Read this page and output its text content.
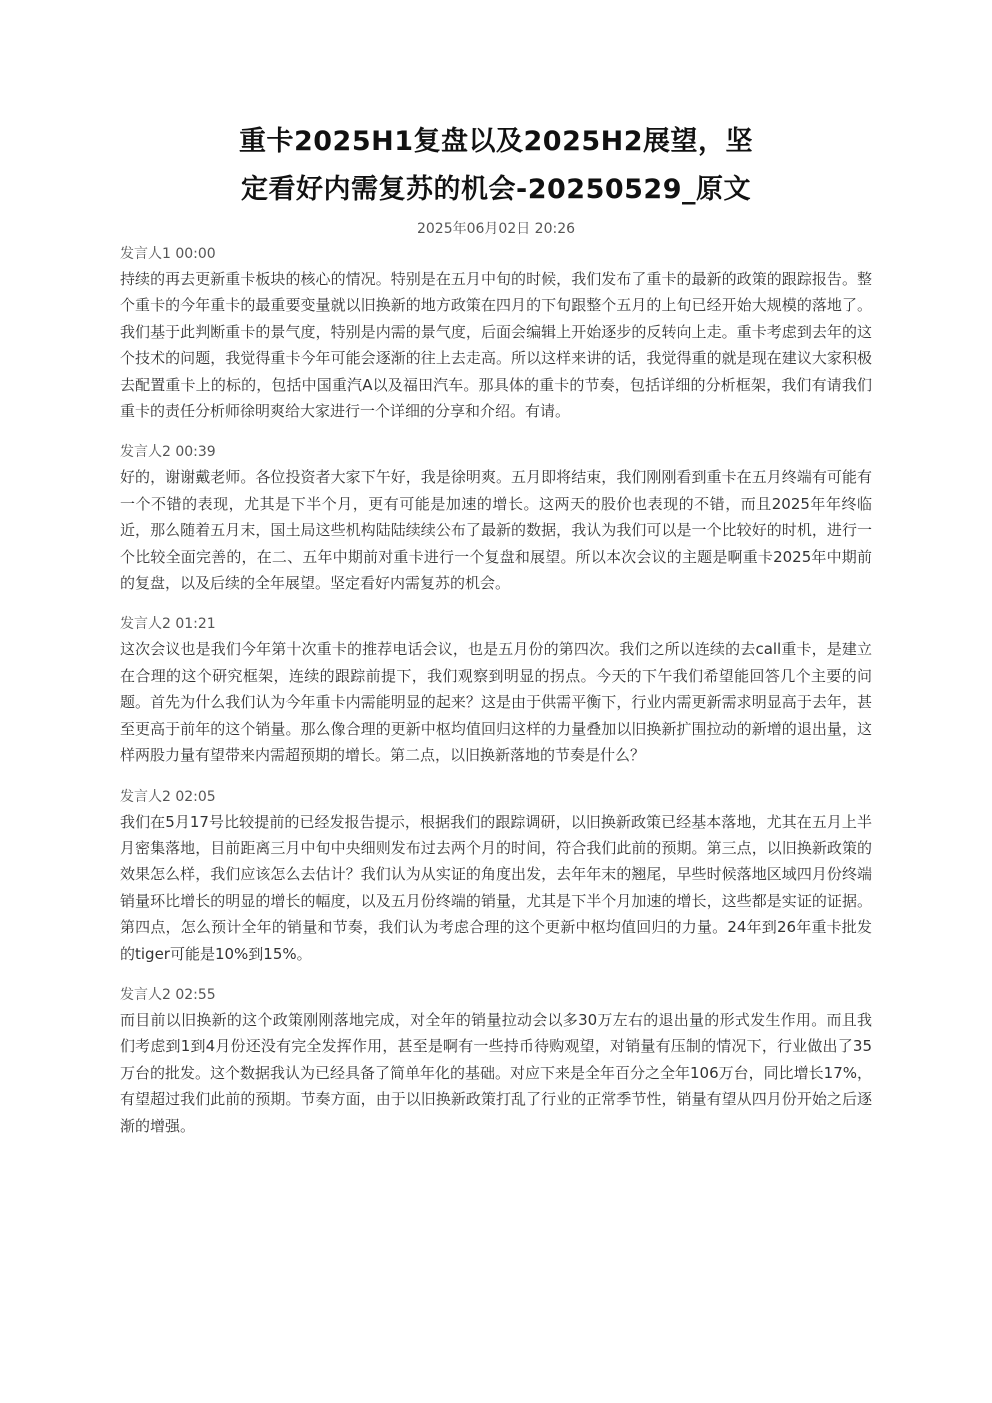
重卡2025H1复盘以及2025H2展望，坚
定看好内需复苏的机会-20250529_原文
2025年06月02日 20:26
发言人1 00:00

持续的再去更新重卡板块的核心的情况。特别是在五月中旬的时候，我们发布了重卡的最新的政策的跟踪报告。整个重卡的今年重卡的最重要变量就以旧换新的地方政策在四月的下旬跟整个五月的上旬已经开始大规模的落地了。我们基于此判断重卡的景气度，特别是内需的景气度，后面会编辑上开始逐步的反转向上走。重卡考虑到去年的这个技术的问题，我觉得重卡今年可能会逐渐的往上去走高。所以这样来讲的话，我觉得重的就是现在建议大家积极去配置重卡上的标的，包括中国重汽A以及福田汽车。那具体的重卡的节奏，包括详细的分析框架，我们有请我们重卡的责任分析师徐明爽给大家进行一个详细的分享和介绍。有请。

发言人2 00:39

好的，谢谢戴老师。各位投资者大家下午好，我是徐明爽。五月即将结束，我们刚刚看到重卡在五月终端有可能有一个不错的表现，尤其是下半个月，更有可能是加速的增长。这两天的股价也表现的不错，而且2025年年终临近，那么随着五月末，国土局这些机构陆陆续续公布了最新的数据，我认为我们可以是一个比较好的时机，进行一个比较全面完善的，在二、五年中期前对重卡进行一个复盘和展望。所以本次会议的主题是啊重卡2025年中期前的复盘，以及后续的全年展望。坚定看好内需复苏的机会。

发言人2 01:21

这次会议也是我们今年第十次重卡的推荐电话会议，也是五月份的第四次。我们之所以连续的去call重卡，是建立在合理的这个研究框架，连续的跟踪前提下，我们观察到明显的拐点。今天的下午我们希望能回答几个主要的问题。首先为什么我们认为今年重卡内需能明显的起来？这是由于供需平衡下，行业内需更新需求明显高于去年，甚至更高于前年的这个销量。那么像合理的更新中枢均值回归这样的力量叠加以旧换新扩围拉动的新增的退出量，这样两股力量有望带来内需超预期的增长。第二点，以旧换新落地的节奏是什么？

发言人2 02:05

我们在5月17号比较提前的已经发报告提示，根据我们的跟踪调研，以旧换新政策已经基本落地，尤其在五月上半月密集落地，目前距离三月中旬中央细则发布过去两个月的时间，符合我们此前的预期。第三点，以旧换新政策的效果怎么样，我们应该怎么去估计？我们认为从实证的角度出发，去年年末的翘尾，早些时候落地区域四月份终端销量环比增长的明显的增长的幅度，以及五月份终端的销量，尤其是下半个月加速的增长，这些都是实证的证据。第四点，怎么预计全年的销量和节奏，我们认为考虑合理的这个更新中枢均值回归的力量。24年到26年重卡批发的tiger可能是10%到15%。

发言人2 02:55

而目前以旧换新的这个政策刚刚落地完成，对全年的销量拉动会以多30万左右的退出量的形式发生作用。而且我们考虑到1到4月份还没有完全发挥作用，甚至是啊有一些持币待购观望，对销量有压制的情况下，行业做出了35万台的批发。这个数据我认为已经具备了简单年化的基础。对应下来是全年百分之全年106万台，同比增长17%，有望超过我们此前的预期。节奏方面，由于以旧换新政策打乱了行业的正常季节性，销量有望从四月份开始之后逐渐的增强。
